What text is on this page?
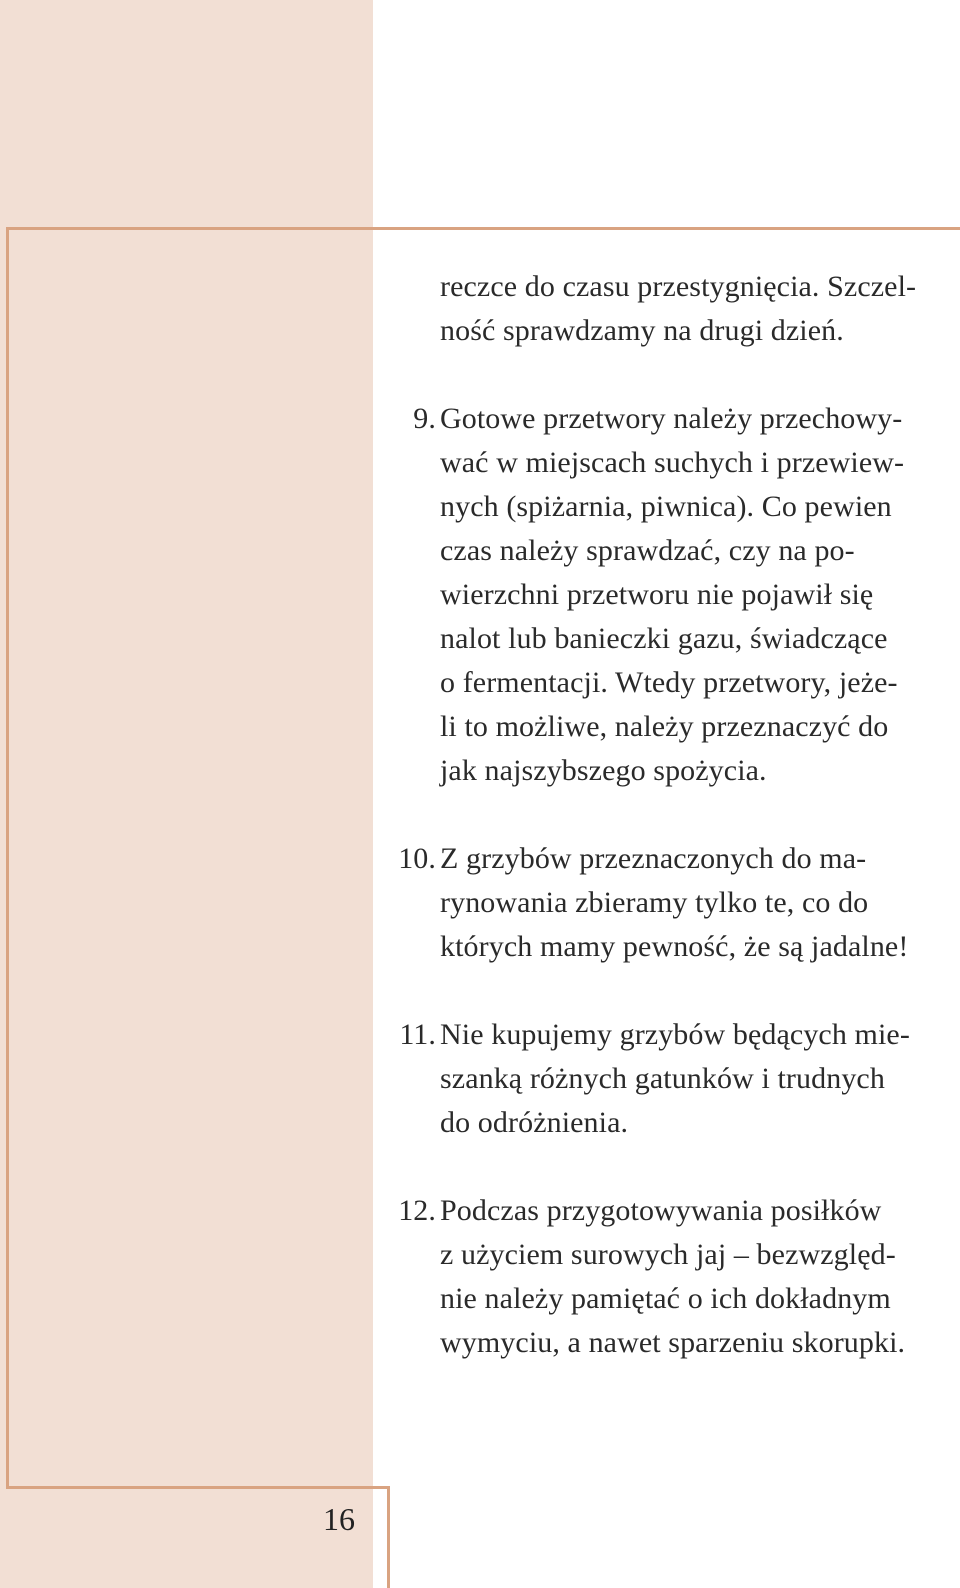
16
reczce do czasu przestygnięcia. Szczel-
ność sprawdzamy na drugi dzień.
9. Gotowe przetwory należy przechowy-
wać w miejscach suchych i przewiew-
nych (spiżarnia, piwnica). Co pewien
czas należy sprawdzać, czy na po-
wierzchni przetworu nie pojawił się
nalot lub banieczki gazu, świadczące
o fermentacji. Wtedy przetwory, jeże-
li to możliwe, należy przeznaczyć do
jak najszybszego spożycia.
10. Z grzybów przeznaczonych do ma-
rynowania zbieramy tylko te, co do
których mamy pewność, że są jadalne!
11. Nie kupujemy grzybów będących mie-
szanką różnych gatunków i trudnych
do odróżnienia.
12. Podczas przygotowywania posiłków
z użyciem surowych jaj – bezwzględ-
nie należy pamiętać o ich dokładnym
wymyciu, a nawet sparzeniu skorupki.
